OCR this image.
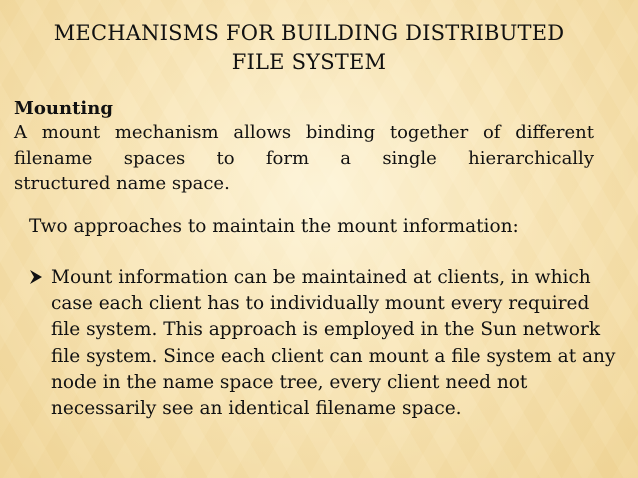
MECHANISMS FOR BUILDING DISTRIBUTED
FILE SYSTEM
Mounting
A mount mechanism allows binding together of different
filename spaces to form a single hierarchically
structured name space.
Two approaches to maintain the mount information:
Mount information can be maintained at clients, in which case each client has to individually mount every required file system. This approach is employed in the Sun network file system. Since each client can mount a file system at any node in the name space tree, every client need not necessarily see an identical filename space.
